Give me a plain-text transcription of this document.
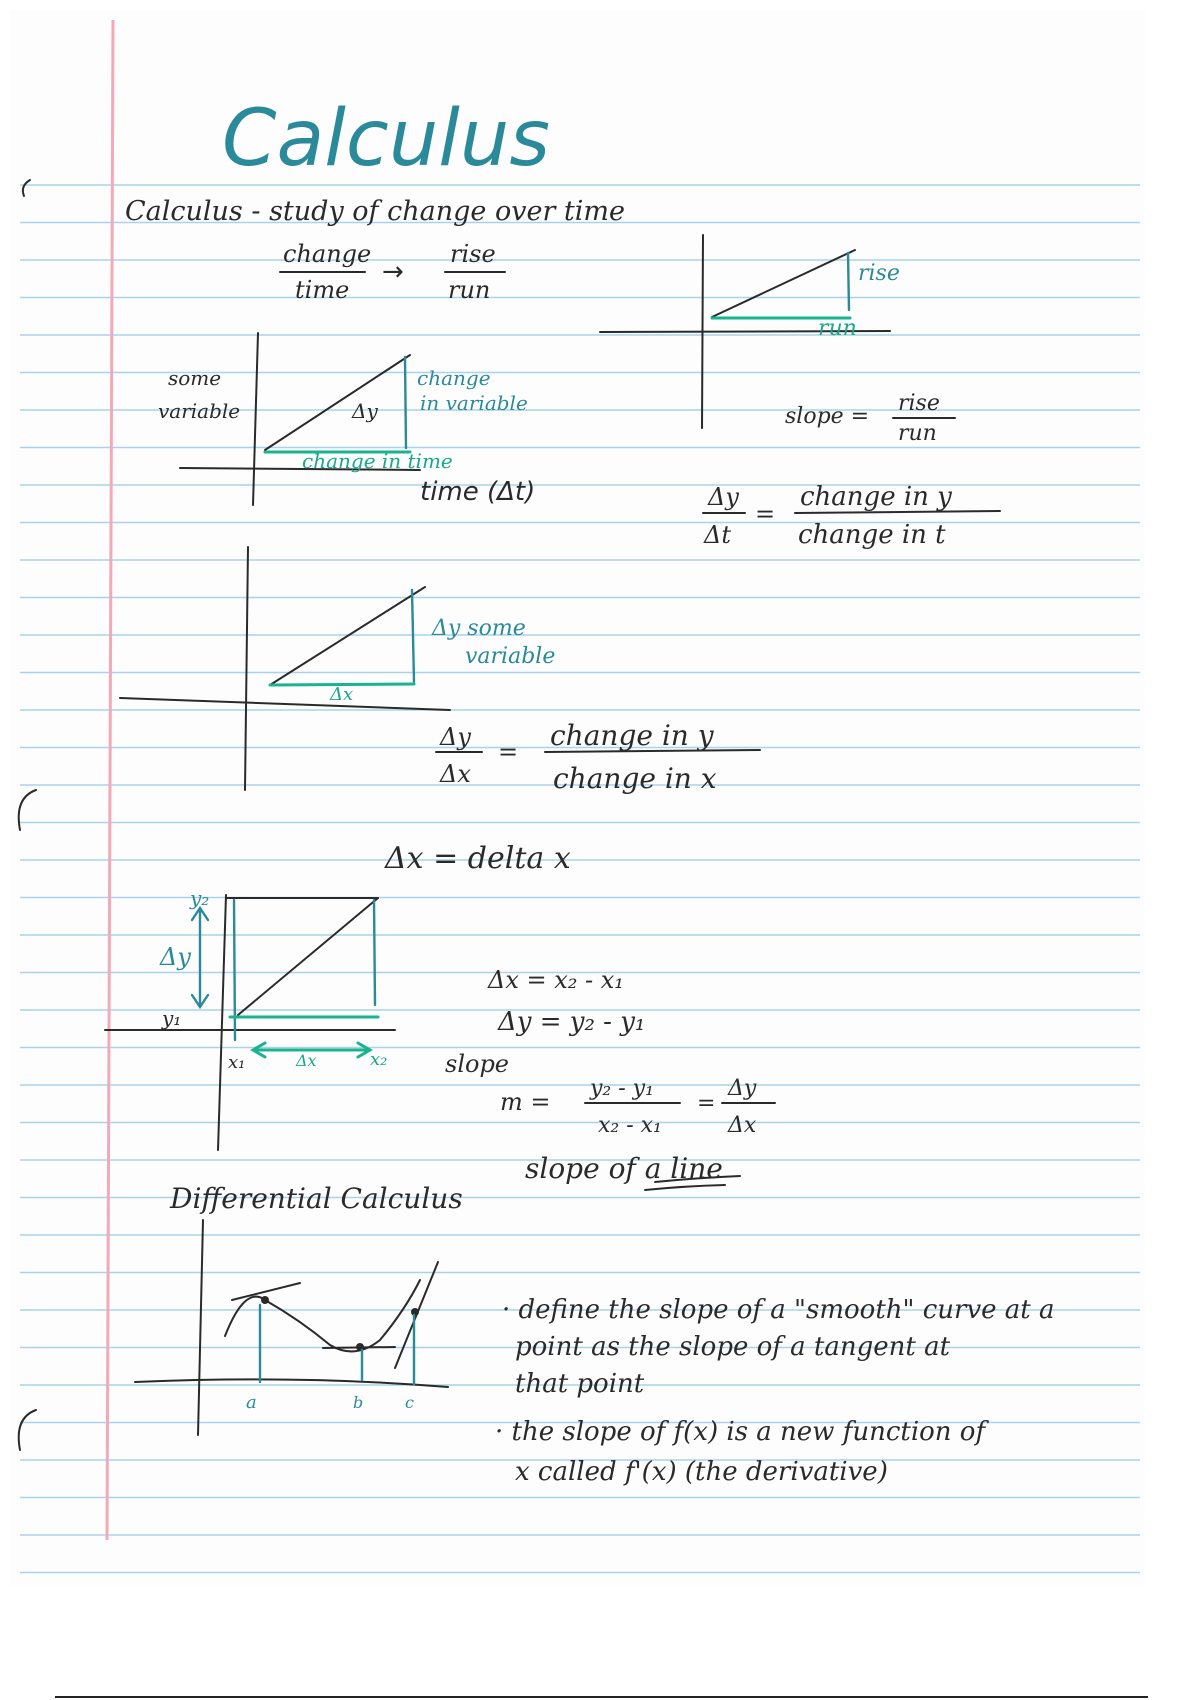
Calculus
Calculus - study of change over time
change
time
→
rise
run
some
variable	Δy
change
in variable
change in time
time (Δt)
rise
run
slope =
rise
run
Δy
Δt
=
change in y
change in t
Δy some
variable
Δx
Δy
Δx
= change in y
change in x
Δx = delta x
y₂
y₁
Δy
x₁	Δx	x₂
Δx = x₂ - x₁
Δy = y₂ - y₁
slope
m = y₂ - y₁
x₂ - x₁
=
Δy
Δx
slope of a line
Differential Calculus
a	b	c
· define the slope of a "smooth" curve at a
point as the slope of a tangent at
that point
· the slope of f(x) is a new function of
x called f'(x) (the derivative)
